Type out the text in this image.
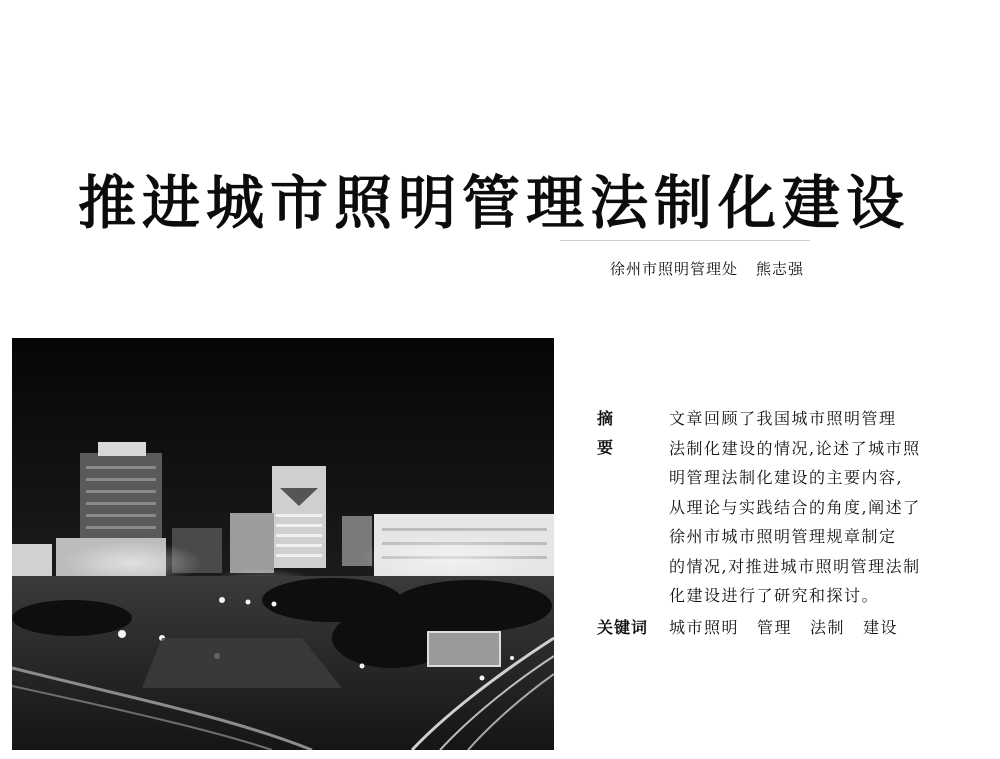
推进城市照明管理法制化建设
徐州市照明管理处 熊志强
摘 要
文章回顾了我国城市照明管理
法制化建设的情况,论述了城市照
明管理法制化建设的主要内容,
从理论与实践结合的角度,阐述了
徐州市城市照明管理规章制定
的情况,对推进城市照明管理法制
化建设进行了研究和探讨。
关键词	城市照明 管理 法制 建设
